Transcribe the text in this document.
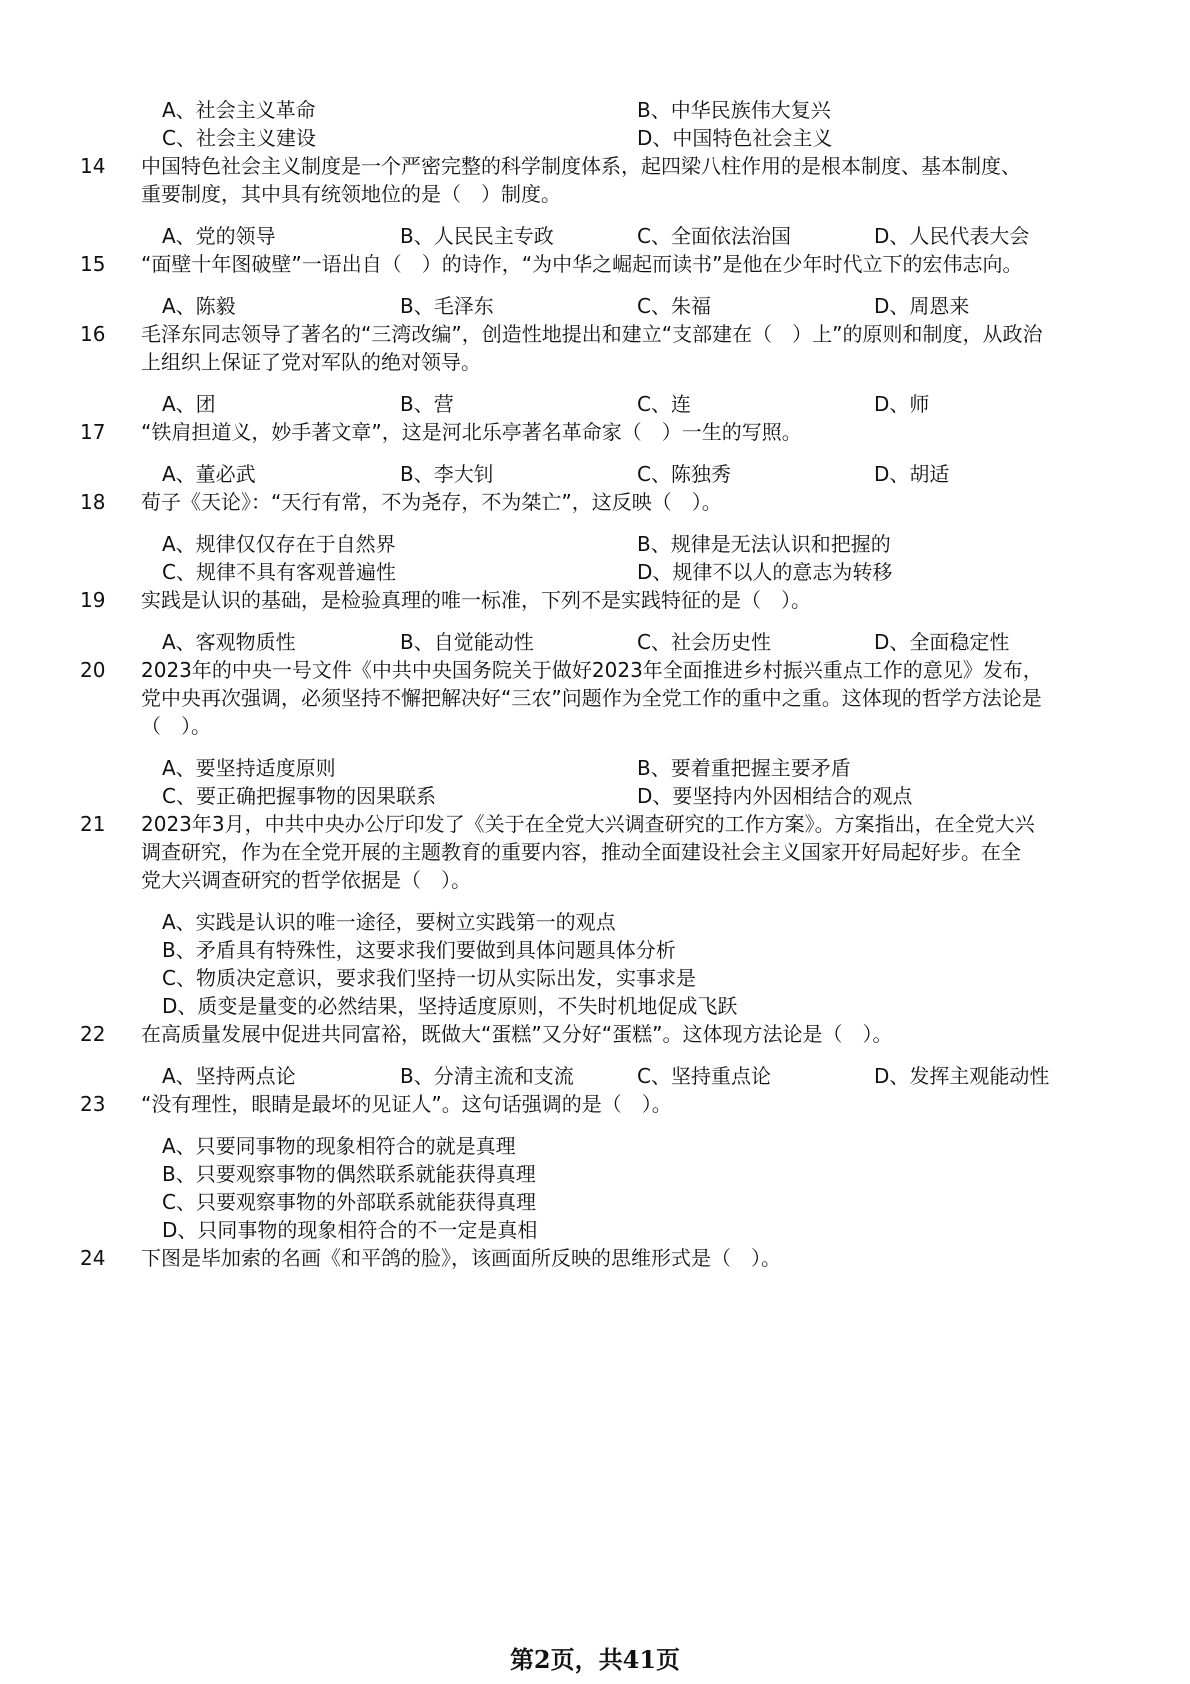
A、社会主义革命	B、中华民族伟大复兴
C、社会主义建设	D、中国特色社会主义
14 中国特色社会主义制度是一个严密完整的科学制度体系，起四梁八柱作用的是根本制度、基本制度、
重要制度，其中具有统领地位的是（　）制度。
A、党的领导	B、人民民主专政	C、全面依法治国	D、人民代表大会
15 “面壁十年图破壁”一语出自（　）的诗作，“为中华之崛起而读书”是他在少年时代立下的宏伟志向。
A、陈毅	B、毛泽东	C、朱福	D、周恩来
16 毛泽东同志领导了著名的“三湾改编”，创造性地提出和建立“支部建在（　）上”的原则和制度，从政治
上组织上保证了党对军队的绝对领导。
A、团	B、营	C、连	D、师
17 “铁肩担道义，妙手著文章”，这是河北乐亭著名革命家（　）一生的写照。
A、董必武	B、李大钊	C、陈独秀	D、胡适
18 荀子《天论》：“天行有常，不为尧存，不为桀亡”，这反映（　）。
A、规律仅仅存在于自然界	B、规律是无法认识和把握的
C、规律不具有客观普遍性	D、规律不以人的意志为转移
19 实践是认识的基础，是检验真理的唯一标准，下列不是实践特征的是（　）。
A、客观物质性	B、自觉能动性	C、社会历史性	D、全面稳定性
20 2023年的中央一号文件《中共中央国务院关于做好2023年全面推进乡村振兴重点工作的意见》发布，
党中央再次强调，必须坚持不懈把解决好“三农”问题作为全党工作的重中之重。这体现的哲学方法论是
（　）。
A、要坚持适度原则	B、要着重把握主要矛盾
C、要正确把握事物的因果联系	D、要坚持内外因相结合的观点
21 2023年3月，中共中央办公厅印发了《关于在全党大兴调查研究的工作方案》。方案指出，在全党大兴
调查研究，作为在全党开展的主题教育的重要内容，推动全面建设社会主义国家开好局起好步。在全
党大兴调查研究的哲学依据是（　）。
A、实践是认识的唯一途径，要树立实践第一的观点
B、矛盾具有特殊性，这要求我们要做到具体问题具体分析
C、物质决定意识，要求我们坚持一切从实际出发，实事求是
D、质变是量变的必然结果，坚持适度原则，不失时机地促成飞跃
22 在高质量发展中促进共同富裕，既做大“蛋糕”又分好“蛋糕”。这体现方法论是（　）。
A、坚持两点论	B、分清主流和支流	C、坚持重点论	D、发挥主观能动性
23 “没有理性，眼睛是最坏的见证人”。这句话强调的是（　）。
A、只要同事物的现象相符合的就是真理
B、只要观察事物的偶然联系就能获得真理
C、只要观察事物的外部联系就能获得真理
D、只同事物的现象相符合的不一定是真相
24 下图是毕加索的名画《和平鸽的脸》，该画面所反映的思维形式是（　）。
第2页，共41页
